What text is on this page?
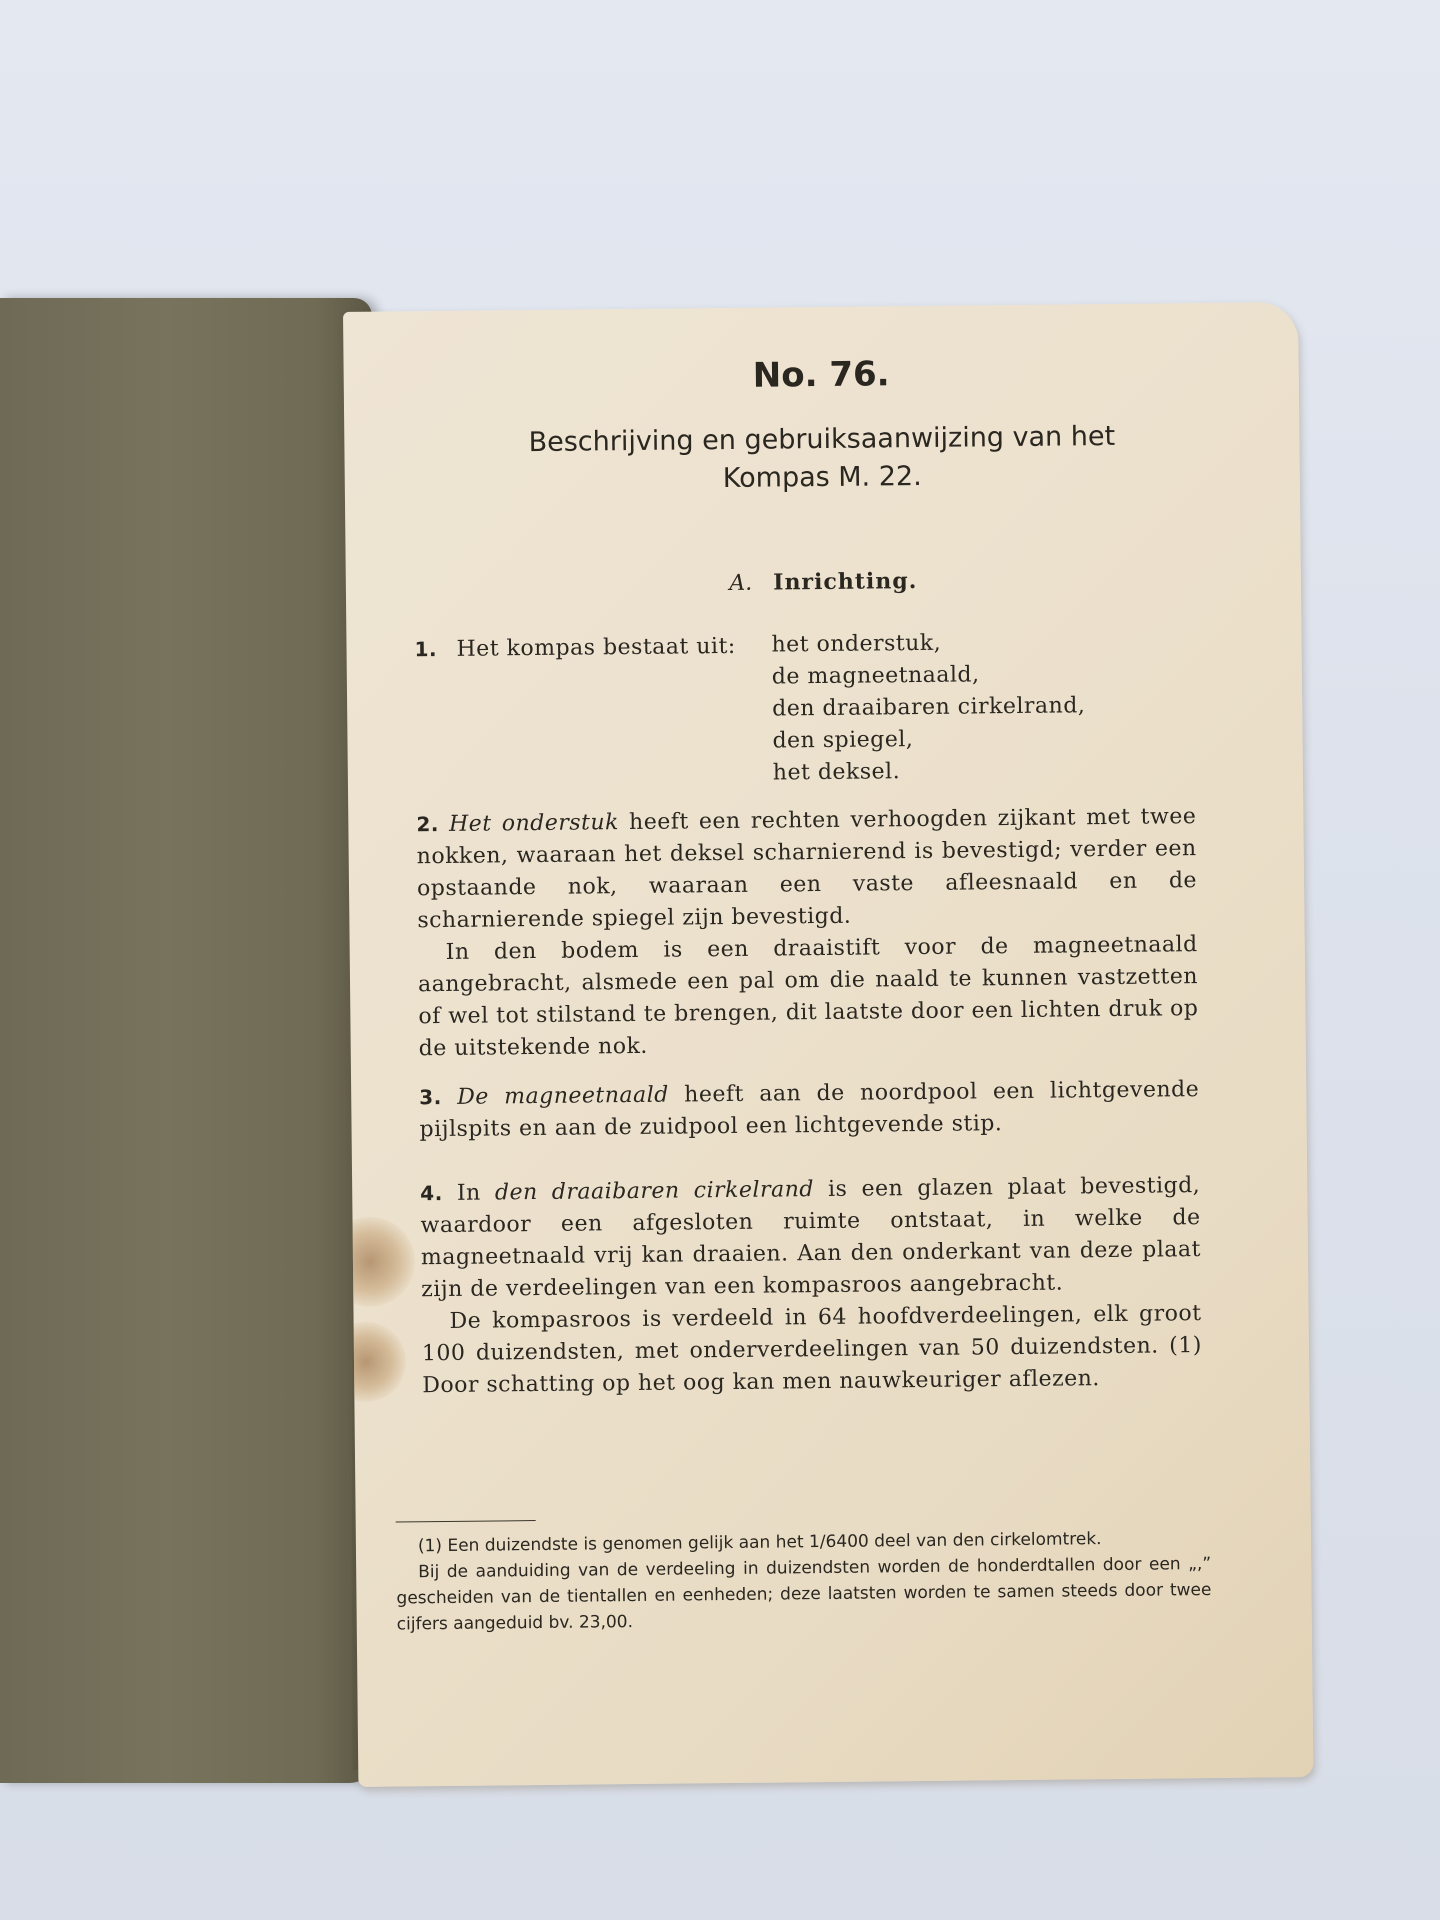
No. 76.
Beschrijving en gebruiksaanwijzing van het
Kompas M. 22.
A. Inrichting.
1. Het kompas bestaat uit: het onderstuk,
de magneetnaald,
den draaibaren cirkelrand,
den spiegel,
het deksel.
2. Het onderstuk heeft een rechten verhoogden zijkant met twee nokken, waaraan het deksel scharnierend is bevestigd; verder een opstaande nok, waaraan een vaste afleesnaald en de scharnierende spiegel zijn bevestigd.
In den bodem is een draaistift voor de magneetnaald aangebracht, alsmede een pal om die naald te kunnen vastzetten of wel tot stilstand te brengen, dit laatste door een lichten druk op de uitstekende nok.
3. De magneetnaald heeft aan de noordpool een lichtgevende pijlspits en aan de zuidpool een lichtgevende stip.
4. In den draaibaren cirkelrand is een glazen plaat bevestigd, waardoor een afgesloten ruimte ontstaat, in welke de magneetnaald vrij kan draaien. Aan den onderkant van deze plaat zijn de verdeelingen van een kompasroos aangebracht.
De kompasroos is verdeeld in 64 hoofdverdeelingen, elk groot 100 duizendsten, met onderverdeelingen van 50 duizendsten. (1) Door schatting op het oog kan men nauwkeuriger aflezen.
(1) Een duizendste is genomen gelijk aan het 1/6400 deel van den cirkelomtrek.
Bij de aanduiding van de verdeeling in duizendsten worden de honderdtallen door een „,” gescheiden van de tientallen en eenheden; deze laatsten worden te samen steeds door twee cijfers aangeduid bv. 23,00.
